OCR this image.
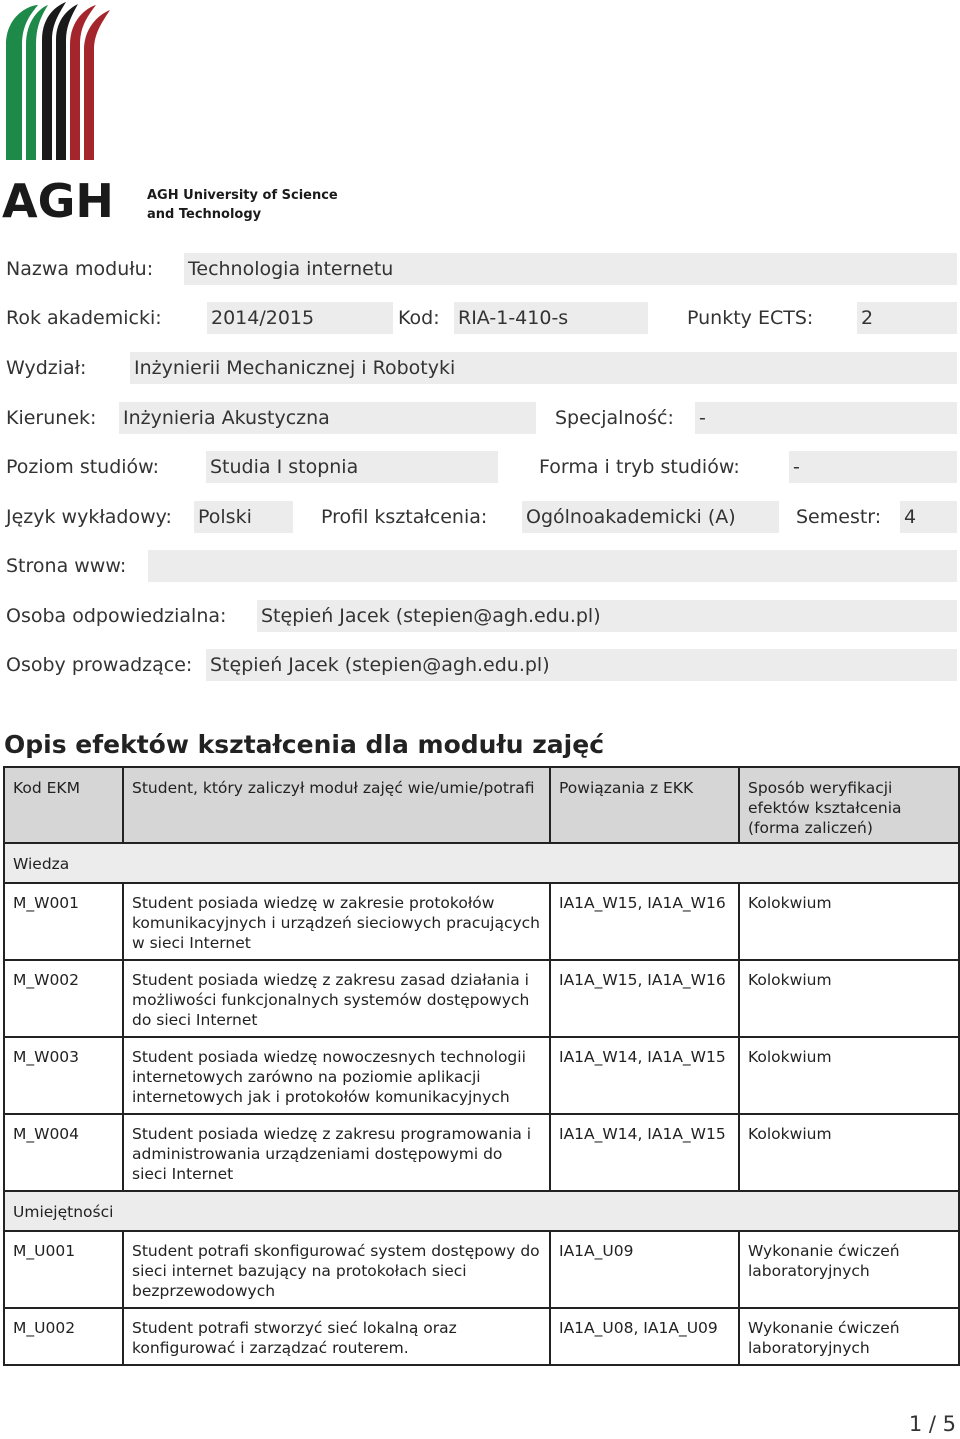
AGH	AGH University of Science
and Technology
Nazwa modułu: Technologia internetu
Rok akademicki:	2014/2015	Kod: RIA-1-410-s	Punkty ECTS:	2
Wydział:	Inżynierii Mechanicznej i Robotyki
Kierunek: Inżynieria Akustyczna	Specjalność: -
Poziom studiów:	Studia I stopnia	Forma i tryb studiów:	-
Język wykładowy: Polski	Profil kształcenia: Ogólnoakademicki (A)	Semestr: 4
Strona www:
Osoba odpowiedzialna: Stępień Jacek (stepien@agh.edu.pl)
Osoby prowadzące: Stępień Jacek (stepien@agh.edu.pl)
Opis efektów kształcenia dla modułu zajęć
Kod EKM	Student, który zaliczył moduł zajęć wie/umie/potrafi	Powiązania z EKK	Sposób weryfikacji efektów kształcenia (forma zaliczeń)
Wiedza			
M_W001	Student posiada wiedzę w zakresie protokołów komunikacyjnych i urządzeń sieciowych pracujących w sieci Internet	IA1A_W15, IA1A_W16	Kolokwium
M_W002	Student posiada wiedzę z zakresu zasad działania i możliwości funkcjonalnych systemów dostępowych do sieci Internet	IA1A_W15, IA1A_W16	Kolokwium
M_W003	Student posiada wiedzę nowoczesnych technologii internetowych zarówno na poziomie aplikacji internetowych jak i protokołów komunikacyjnych	IA1A_W14, IA1A_W15	Kolokwium
M_W004	Student posiada wiedzę z zakresu programowania i administrowania urządzeniami dostępowymi do sieci Internet	IA1A_W14, IA1A_W15	Kolokwium
Umiejętności			
M_U001	Student potrafi skonfigurować system dostępowy do sieci internet bazujący na protokołach sieci bezprzewodowych	IA1A_U09	Wykonanie ćwiczeń laboratoryjnych
M_U002	Student potrafi stworzyć sieć lokalną oraz konfigurować i zarządzać routerem.	IA1A_U08, IA1A_U09	Wykonanie ćwiczeń laboratoryjnych
1 / 5
